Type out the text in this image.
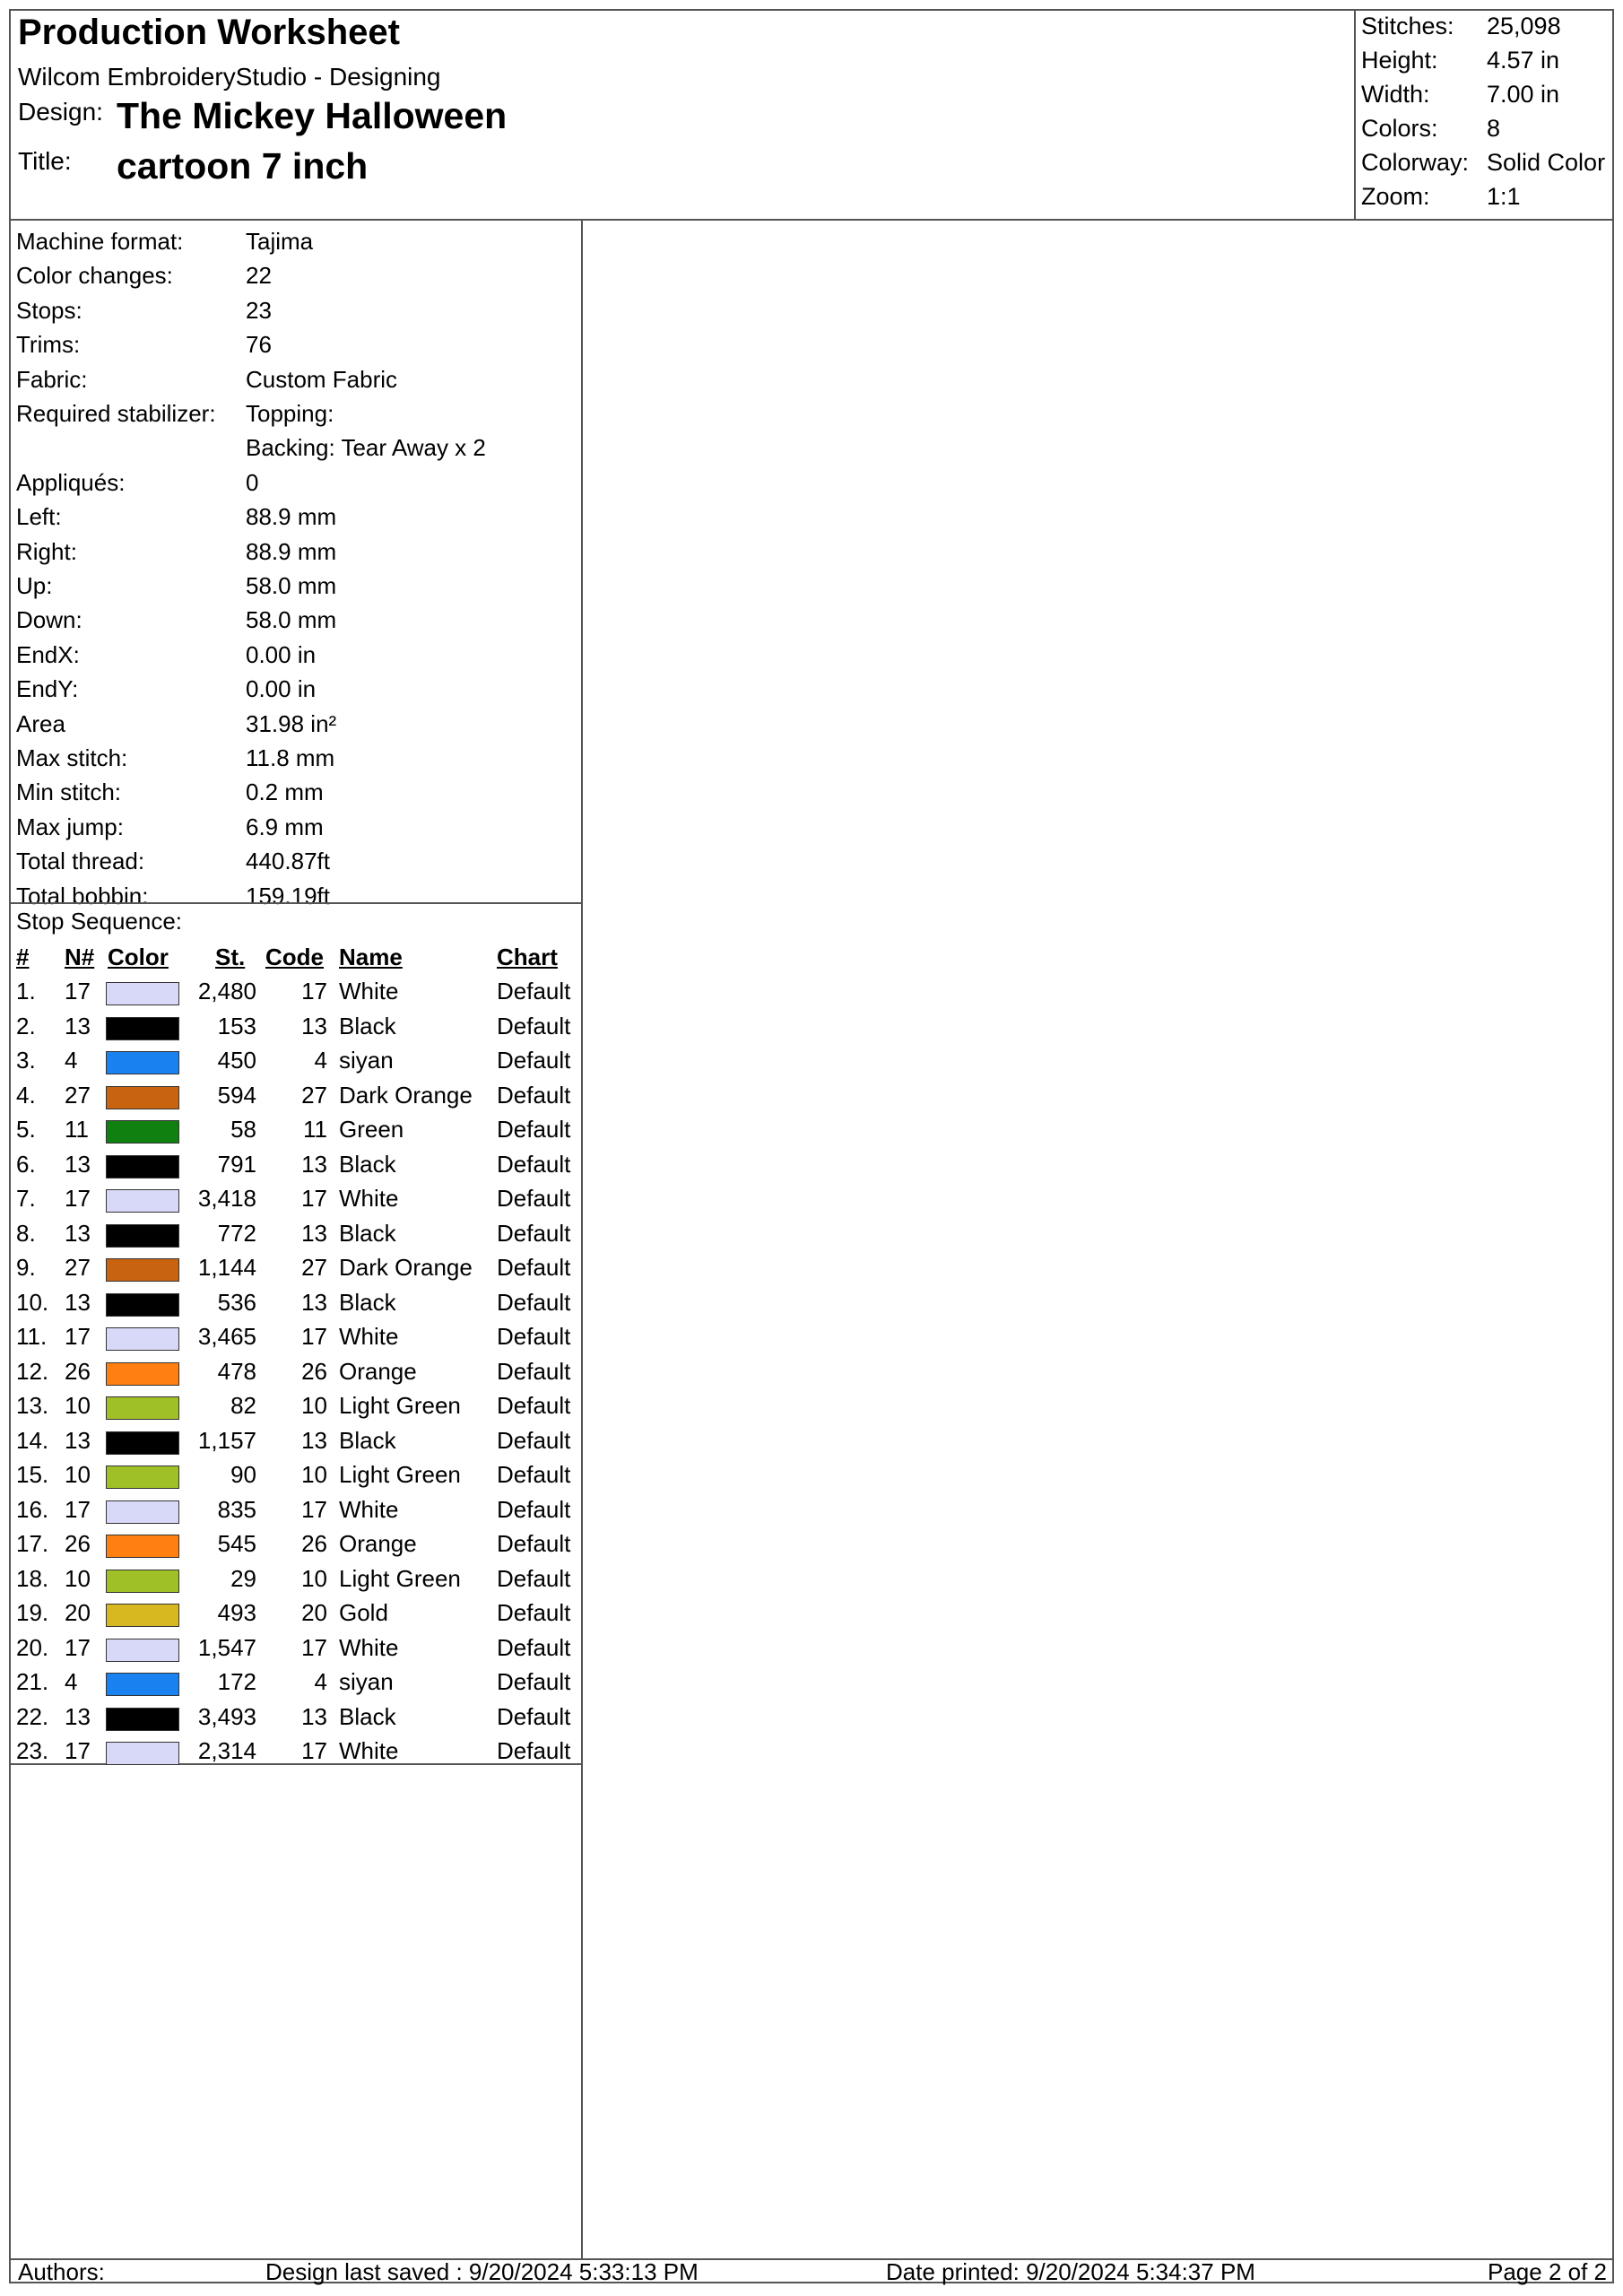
Production Worksheet
Wilcom EmbroideryStudio - Designing
Design:
Title:
The Mickey Halloween
cartoon 7 inch
Stitches: 25,098
Height: 4.57 in
Width: 7.00 in
Colors: 8
Colorway: Solid Color
Zoom: 1:1
Machine format:	Tajima
Color changes:	22
Stops:	23
Trims:	76
Fabric:	Custom Fabric
Required stabilizer: Topping:
Backing: Tear Away x 2
Appliqués:	0
Left:	88.9 mm
Right:	88.9 mm
Up:	58.0 mm
Down:	58.0 mm
EndX:	0.00 in
EndY:	0.00 in
Area	31.98 in²
Max stitch:	11.8 mm
Min stitch:	0.2 mm
Max jump:	6.9 mm
Total thread:	440.87ft
Total bobbin:	159.19ft
Stop Sequence:
# N# Color St. Code Name	Chart
1. 17	2,480 17 White	Default
2. 13	153 13 Black	Default
3. 4	450 4 siyan	Default
4. 27	594 27 Dark Orange Default
5. 11	58 11 Green	Default
6. 13	791 13 Black	Default
7. 17	3,418 17 White	Default
8. 13	772 13 Black	Default
9. 27	1,144 27 Dark Orange Default
10. 13	536 13 Black	Default
11. 17	3,465 17 White	Default
12. 26	478 26 Orange	Default
13. 10	82 10 Light Green Default
14. 13	1,157 13 Black	Default
15. 10	90 10 Light Green Default
16. 17	835 17 White	Default
17. 26	545 26 Orange	Default
18. 10	29 10 Light Green Default
19. 20	493 20 Gold	Default
20. 17	1,547 17 White	Default
21. 4	172 4 siyan	Default
22. 13	3,493 13 Black	Default
23. 17	2,314 17 White	Default
Authors:	Design last saved : 9/20/2024 5:33:13 PM	Date printed: 9/20/2024 5:34:37 PM	Page 2 of 2
